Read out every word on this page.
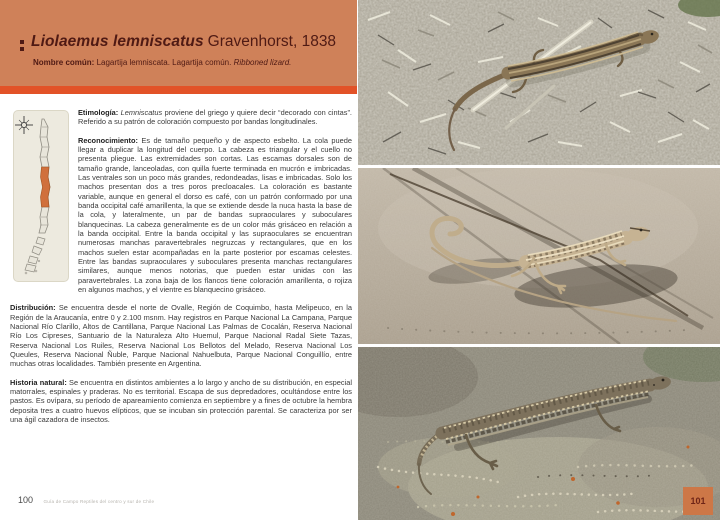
Liolaemus lemniscatus Gravenhorst, 1838
Nombre común: Lagartija lemniscata. Lagartija común. Ribboned lizard.

Etimología: Lemniscatus proviene del griego y quiere decir “decorado con cintas”. Referido a su patrón de coloración compuesto por bandas longitudinales.

Reconocimiento: Es de tamaño pequeño y de aspecto esbelto. La cola puede llegar a duplicar la longitud del cuerpo. La cabeza es triangular y el cuello no presenta pliegue. Las extremidades son cortas. Las escamas dorsales son de tamaño grande, lanceoladas, con quilla fuerte terminada en mucrón e imbricadas. Las ventrales son un poco más grandes, redondeadas, lisas e imbricadas. Solo los machos presentan dos a tres poros precloacales. La coloración es bastante variable, aunque en general el dorso es café, con un patrón conformado por una banda occipital café amarillenta, la que se extiende desde la nuca hasta la base de la cola, y lateralmente, un par de bandas supraoculares y suboculares blanquecinas. La cabeza generalmente es de un color más grisáceo en relación a la banda occipital. Entre la banda occipital y las supraoculares se encuentran numerosas manchas paravertebrales negruzcas y rectangulares, que en los machos suelen estar acompañadas en la parte posterior por escamas celestes. Entre las bandas supraoculares y suboculares presenta manchas rectangulares similares, aunque menos notorias, que pueden estar unidas con las paravertebrales. La zona baja de los flancos tiene coloración amarillenta, o rojiza en algunos machos, y el vientre es blanquecino grisáceo.

Distribución: Se encuentra desde el norte de Ovalle, Región de Coquimbo, hasta Melipeuco, en la Región de la Araucanía, entre 0 y 2.100 msnm. Hay registros en Parque Nacional La Campana, Parque Nacional Río Clarillo, Altos de Cantillana, Parque Nacional Las Palmas de Cocalán, Reserva Nacional Río Los Cipreses, Santuario de la Naturaleza Alto Huemul, Parque Nacional Radal Siete Tazas, Reserva Nacional Los Ruiles, Reserva Nacional Los Bellotos del Melado, Reserva Nacional Los Queules, Reserva Nacional Ñuble, Parque Nacional Nahuelbuta, Parque Nacional Conguillío, entre muchas otras localidades. También presente en Argentina.

Historia natural: Se encuentra en distintos ambientes a lo largo y ancho de su distribución, en especial matorrales, espinales y praderas. No es territorial. Escapa de sus depredadores, ocultándose entre los pastos. Es ovípara, su período de apareamiento comienza en septiembre y a fines de octubre la hembra deposita tres a cuatro huevos elípticos, que se incuban sin protección parental. Se caracteriza por ser una ágil cazadora de insectos.

100 Guía de Campo Reptiles del centro y sur de Chile	101
